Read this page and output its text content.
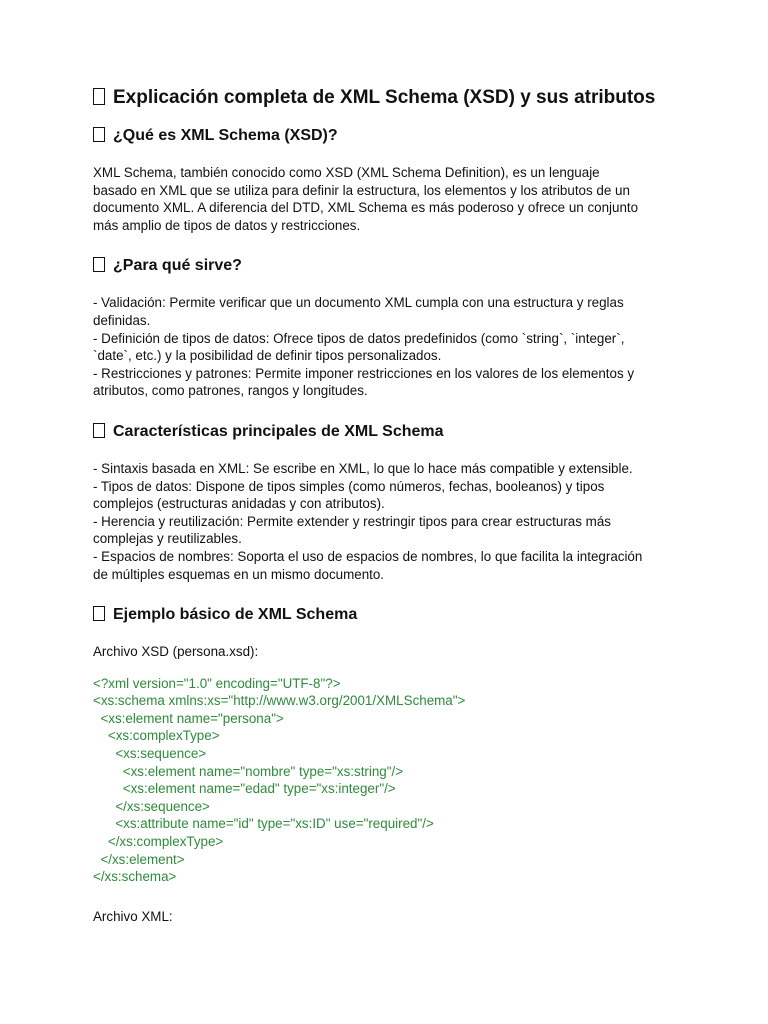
Explicación completa de XML Schema (XSD) y sus atributos
¿Qué es XML Schema (XSD)?
XML Schema, también conocido como XSD (XML Schema Definition), es un lenguaje
basado en XML que se utiliza para definir la estructura, los elementos y los atributos de un
documento XML. A diferencia del DTD, XML Schema es más poderoso y ofrece un conjunto
más amplio de tipos de datos y restricciones.
¿Para qué sirve?
- Validación: Permite verificar que un documento XML cumpla con una estructura y reglas
definidas.
- Definición de tipos de datos: Ofrece tipos de datos predefinidos (como `string`, `integer`,
`date`, etc.) y la posibilidad de definir tipos personalizados.
- Restricciones y patrones: Permite imponer restricciones en los valores de los elementos y
atributos, como patrones, rangos y longitudes.
Características principales de XML Schema
- Sintaxis basada en XML: Se escribe en XML, lo que lo hace más compatible y extensible.
- Tipos de datos: Dispone de tipos simples (como números, fechas, booleanos) y tipos
complejos (estructuras anidadas y con atributos).
- Herencia y reutilización: Permite extender y restringir tipos para crear estructuras más
complejas y reutilizables.
- Espacios de nombres: Soporta el uso de espacios de nombres, lo que facilita la integración
de múltiples esquemas en un mismo documento.
Ejemplo básico de XML Schema
Archivo XSD (persona.xsd):
<?xml version="1.0" encoding="UTF-8"?>
<xs:schema xmlns:xs="http://www.w3.org/2001/XMLSchema">
<xs:element name="persona">
<xs:complexType>
<xs:sequence>
<xs:element name="nombre" type="xs:string"/>
<xs:element name="edad" type="xs:integer"/>
</xs:sequence>
<xs:attribute name="id" type="xs:ID" use="required"/>
</xs:complexType>
</xs:element>
</xs:schema>
Archivo XML:
